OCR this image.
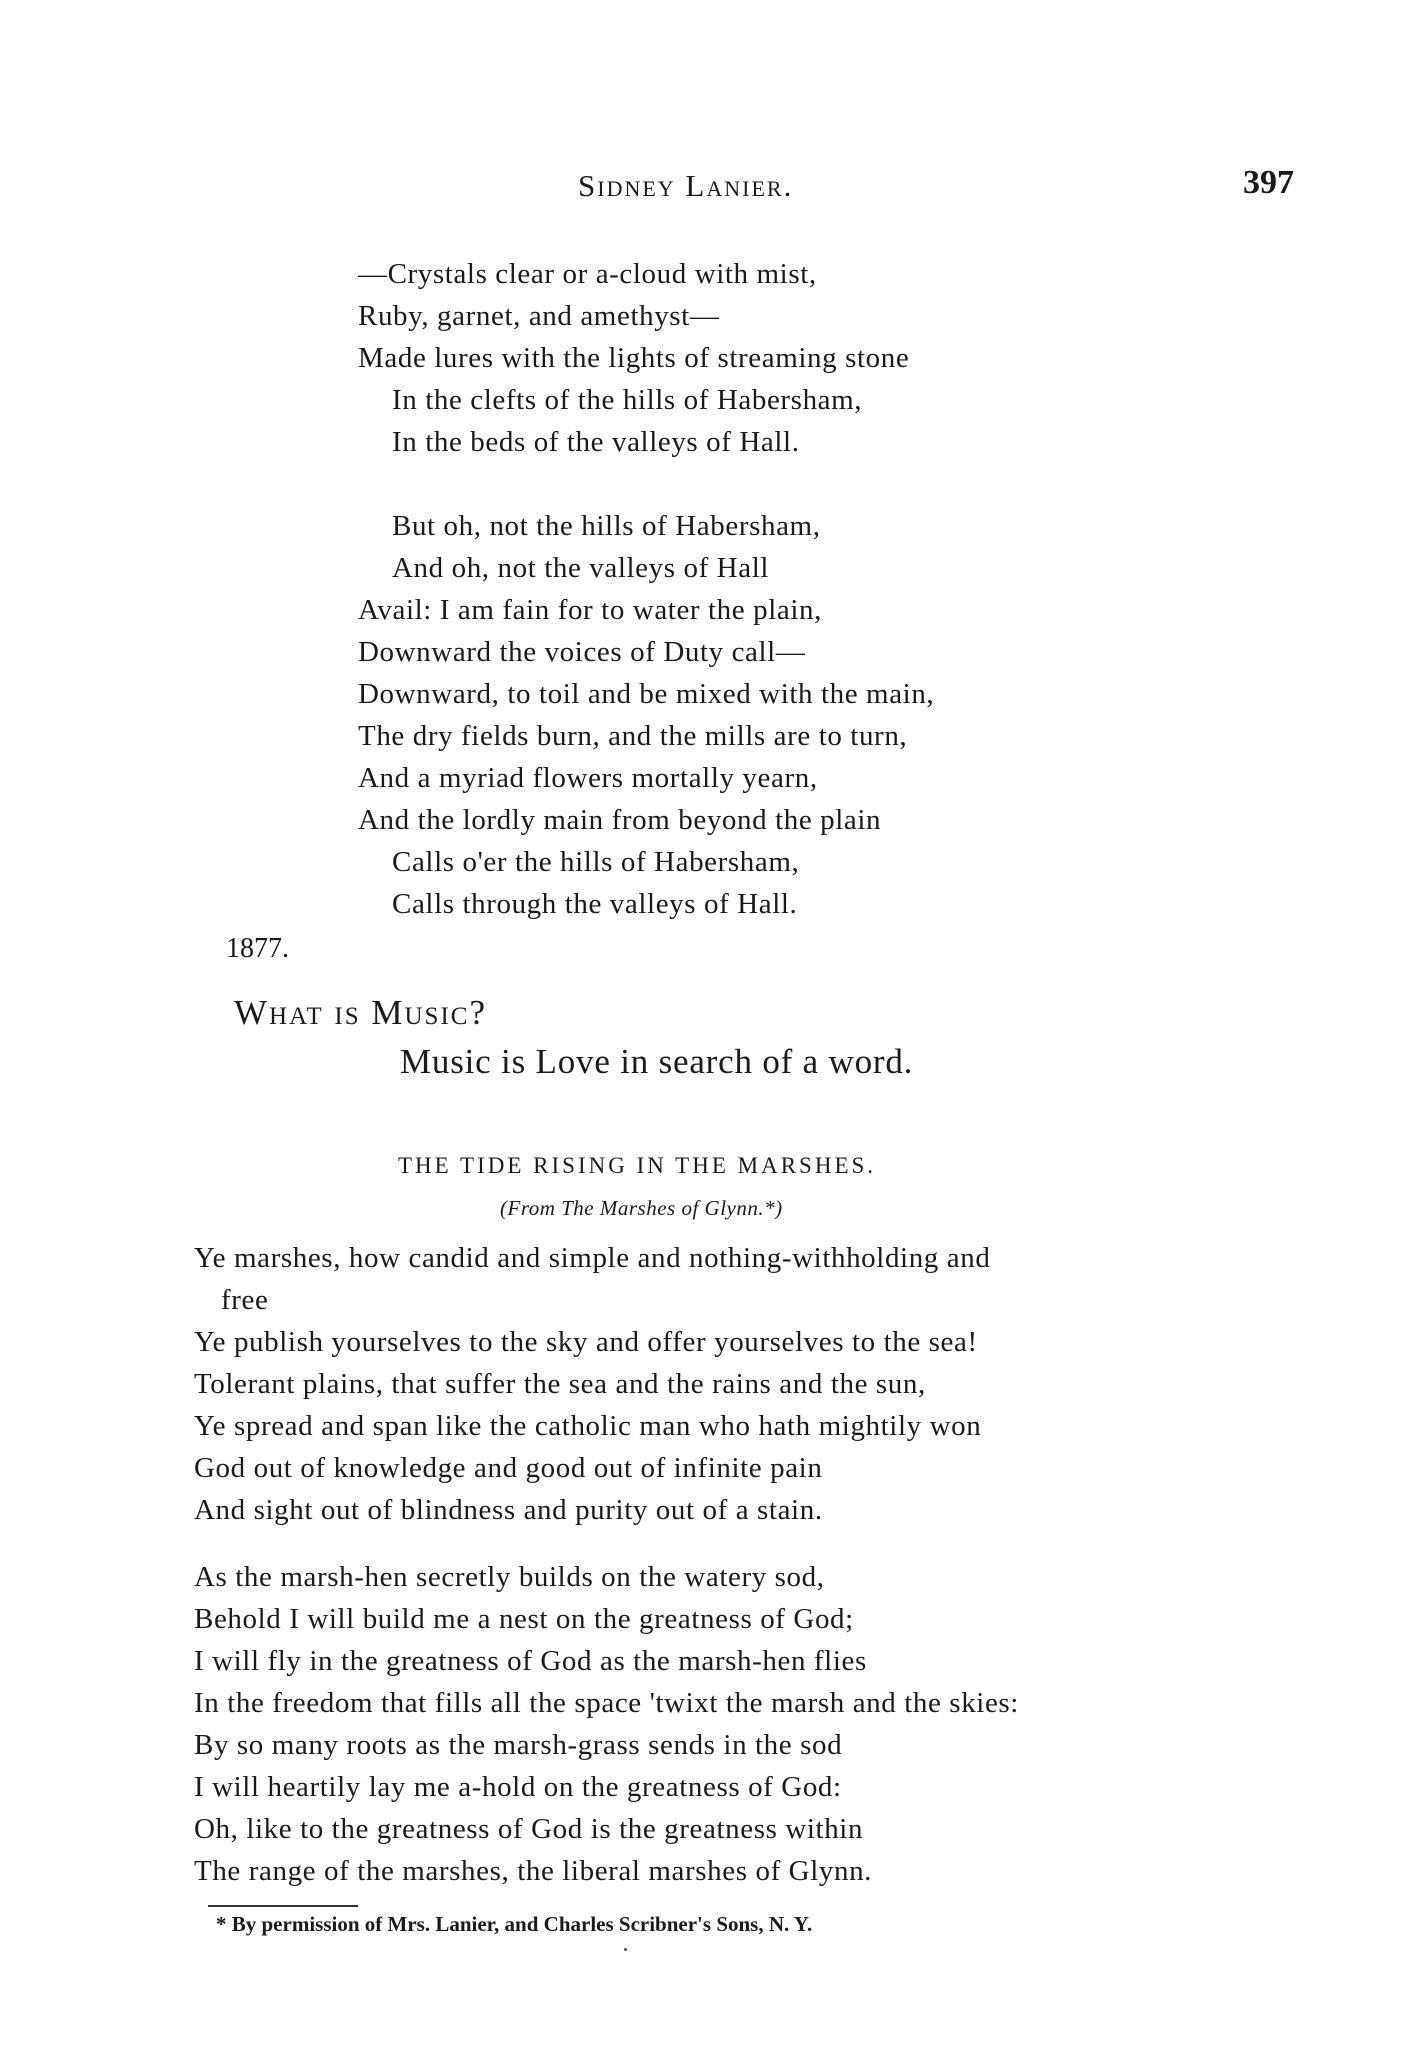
Sidney Lanier.	397
—Crystals clear or a-cloud with mist,
Ruby, garnet, and amethyst—
Made lures with the lights of streaming stone
In the clefts of the hills of Habersham,
In the beds of the valleys of Hall.
But oh, not the hills of Habersham,
And oh, not the valleys of Hall
Avail: I am fain for to water the plain,
Downward the voices of Duty call—
Downward, to toil and be mixed with the main,
The dry fields burn, and the mills are to turn,
And a myriad flowers mortally yearn,
And the lordly main from beyond the plain
Calls o'er the hills of Habersham,
Calls through the valleys of Hall.
1877.
What is Music?
Music is Love in search of a word.
THE TIDE RISING IN THE MARSHES.
(From The Marshes of Glynn.*)
Ye marshes, how candid and simple and nothing-withholding and
free
Ye publish yourselves to the sky and offer yourselves to the sea!
Tolerant plains, that suffer the sea and the rains and the sun,
Ye spread and span like the catholic man who hath mightily won
God out of knowledge and good out of infinite pain
And sight out of blindness and purity out of a stain.
As the marsh-hen secretly builds on the watery sod,
Behold I will build me a nest on the greatness of God;
I will fly in the greatness of God as the marsh-hen flies
In the freedom that fills all the space 'twixt the marsh and the skies:
By so many roots as the marsh-grass sends in the sod
I will heartily lay me a-hold on the greatness of God:
Oh, like to the greatness of God is the greatness within
The range of the marshes, the liberal marshes of Glynn.
* By permission of Mrs. Lanier, and Charles Scribner's Sons, N. Y.
